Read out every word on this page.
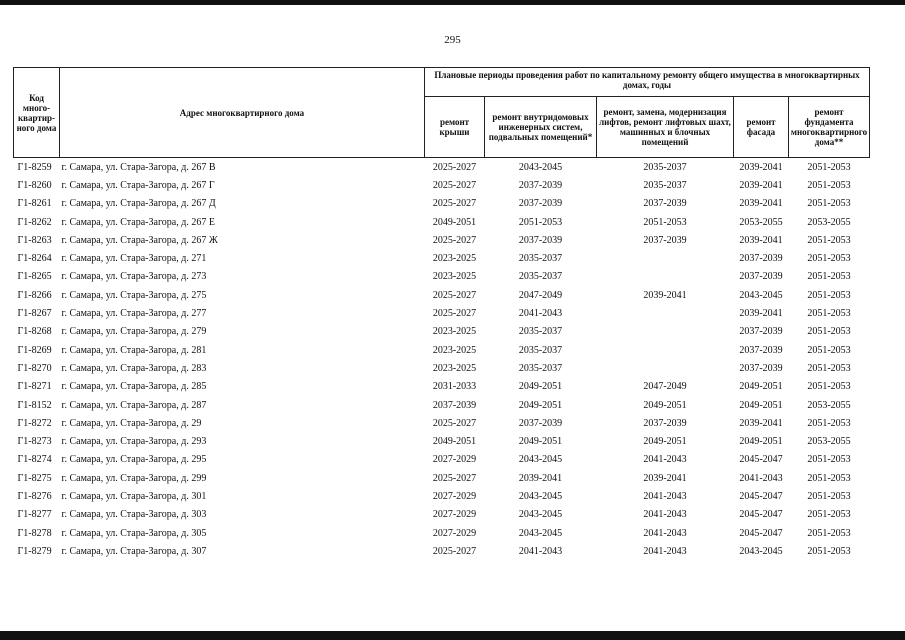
295
Код много-квартир-ного дома	Адрес многоквартирного дома	Плановые периоды проведения работ по капитальному ремонту общего имущества в многоквартирных домах, годы				
		ремонт крыши	ремонт внутридомовых инженерных систем, подвальных помещений*	ремонт, замена, модернизация лифтов, ремонт лифтовых шахт, машинных и блочных помещений	ремонт фасада	ремонт фундамента многоквартирного дома**
Г1-8259	г. Самара, ул. Стара-Загора, д. 267 В	2025-2027	2043-2045	2035-2037	2039-2041	2051-2053
Г1-8260	г. Самара, ул. Стара-Загора, д. 267 Г	2025-2027	2037-2039	2035-2037	2039-2041	2051-2053
Г1-8261	г. Самара, ул. Стара-Загора, д. 267 Д	2025-2027	2037-2039	2037-2039	2039-2041	2051-2053
Г1-8262	г. Самара, ул. Стара-Загора, д. 267 Е	2049-2051	2051-2053	2051-2053	2053-2055	2053-2055
Г1-8263	г. Самара, ул. Стара-Загора, д. 267 Ж	2025-2027	2037-2039	2037-2039	2039-2041	2051-2053
Г1-8264	г. Самара, ул. Стара-Загора, д. 271	2023-2025	2035-2037		2037-2039	2051-2053
Г1-8265	г. Самара, ул. Стара-Загора, д. 273	2023-2025	2035-2037		2037-2039	2051-2053
Г1-8266	г. Самара, ул. Стара-Загора, д. 275	2025-2027	2047-2049	2039-2041	2043-2045	2051-2053
Г1-8267	г. Самара, ул. Стара-Загора, д. 277	2025-2027	2041-2043		2039-2041	2051-2053
Г1-8268	г. Самара, ул. Стара-Загора, д. 279	2023-2025	2035-2037		2037-2039	2051-2053
Г1-8269	г. Самара, ул. Стара-Загора, д. 281	2023-2025	2035-2037		2037-2039	2051-2053
Г1-8270	г. Самара, ул. Стара-Загора, д. 283	2023-2025	2035-2037		2037-2039	2051-2053
Г1-8271	г. Самара, ул. Стара-Загора, д. 285	2031-2033	2049-2051	2047-2049	2049-2051	2051-2053
Г1-8152	г. Самара, ул. Стара-Загора, д. 287	2037-2039	2049-2051	2049-2051	2049-2051	2053-2055
Г1-8272	г. Самара, ул. Стара-Загора, д. 29	2025-2027	2037-2039	2037-2039	2039-2041	2051-2053
Г1-8273	г. Самара, ул. Стара-Загора, д. 293	2049-2051	2049-2051	2049-2051	2049-2051	2053-2055
Г1-8274	г. Самара, ул. Стара-Загора, д. 295	2027-2029	2043-2045	2041-2043	2045-2047	2051-2053
Г1-8275	г. Самара, ул. Стара-Загора, д. 299	2025-2027	2039-2041	2039-2041	2041-2043	2051-2053
Г1-8276	г. Самара, ул. Стара-Загора, д. 301	2027-2029	2043-2045	2041-2043	2045-2047	2051-2053
Г1-8277	г. Самара, ул. Стара-Загора, д. 303	2027-2029	2043-2045	2041-2043	2045-2047	2051-2053
Г1-8278	г. Самара, ул. Стара-Загора, д. 305	2027-2029	2043-2045	2041-2043	2045-2047	2051-2053
Г1-8279	г. Самара, ул. Стара-Загора, д. 307	2025-2027	2041-2043	2041-2043	2043-2045	2051-2053
